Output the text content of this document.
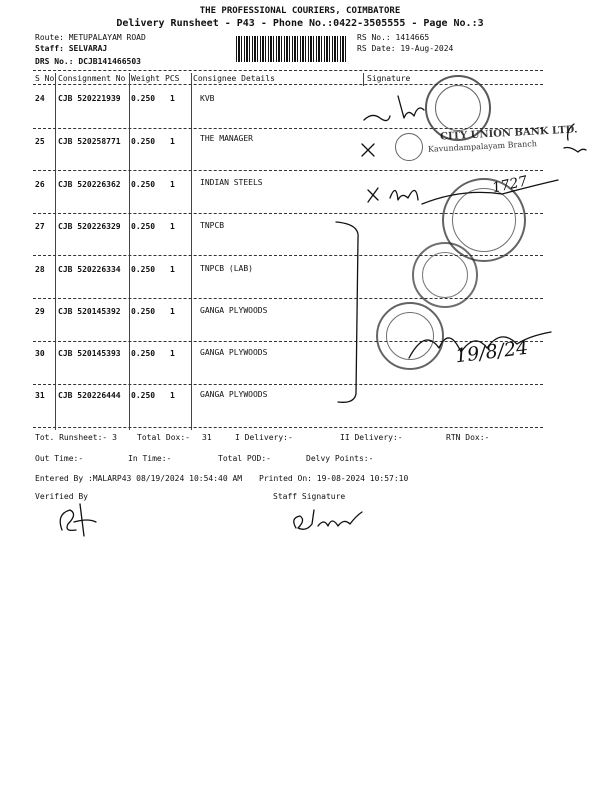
THE PROFESSIONAL COURIERS, COIMBATORE
Delivery Runsheet - P43 - Phone No.:0422-3505555 - Page No.:3
Route: METUPALAYAM ROAD
Staff: SELVARAJ
DRS No.: DCJB141466503
RS No.: 1414665
RS Date: 19-Aug-2024
S No Consignment No Weight PCS Consignee Details	Signature
24 CJB 520221939 0.250 1	KVB
25 CJB 520258771 0.250 1	THE MANAGER
26 CJB 520226362 0.250 1	INDIAN STEELS
27 CJB 520226329 0.250 1	TNPCB
28 CJB 520226334 0.250 1	TNPCB (LAB)
29 CJB 520145392 0.250 1	GANGA PLYWOODS
30 CJB 520145393 0.250 1	GANGA PLYWOODS
31 CJB 520226444 0.250 1	GANGA PLYWOODS
Tot. Runsheet:- 3	Total Dox:- 31	I Delivery:-	II Delivery:-	RTN Dox:-
Out Time:-	In Time:-	Total POD:-	Delvy Points:-
Entered By :MALARP43 08/19/2024 10:54:40 AM Printed On: 19-08-2024 10:57:10
Verified By	Staff Signature
CITY UNION BANK LTD.
Kavundampalayam Branch
1727
19/8/24
